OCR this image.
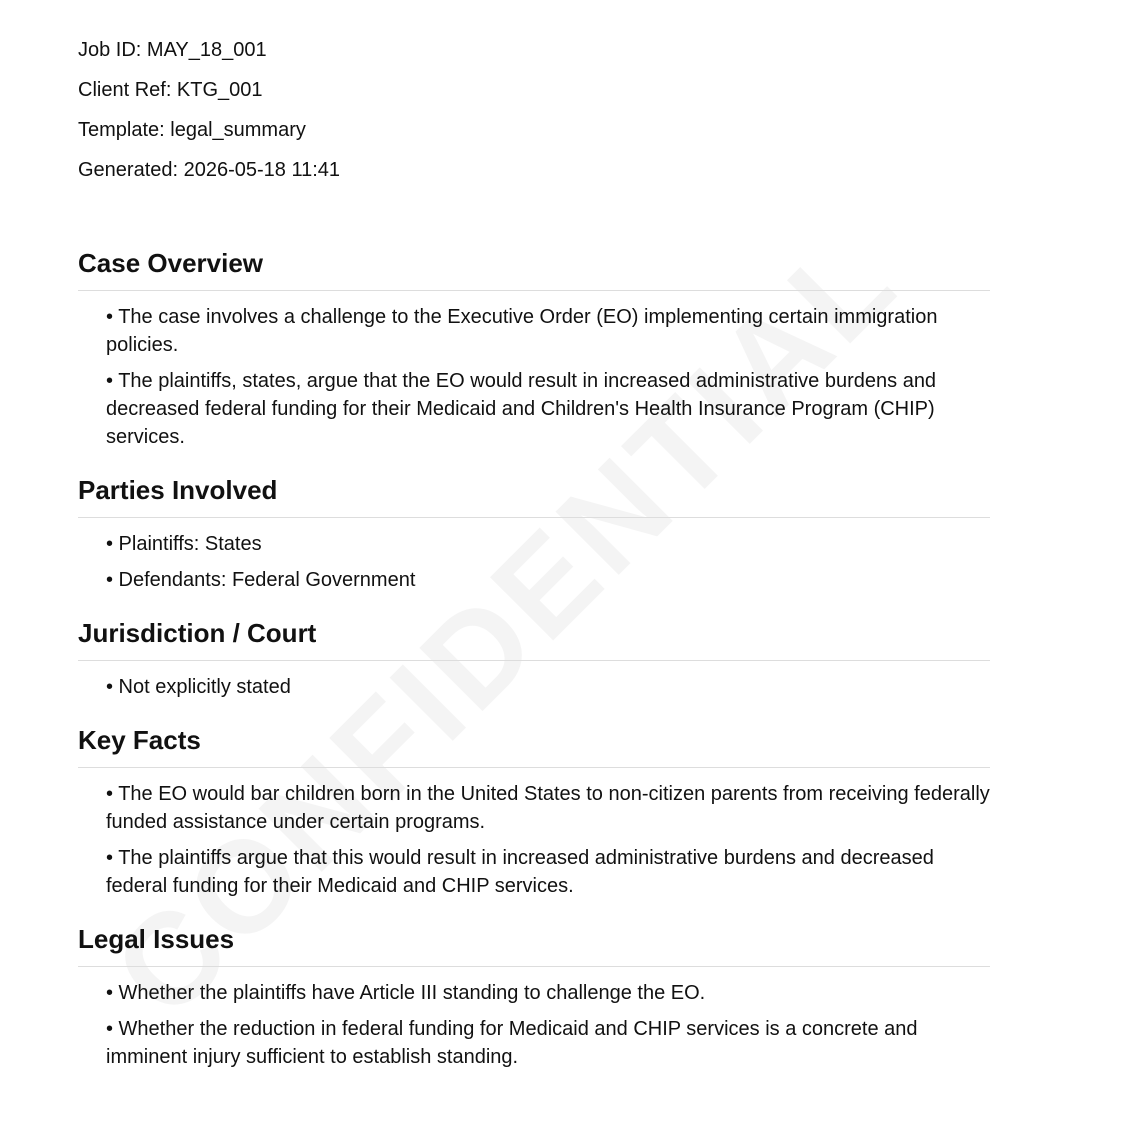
Job ID: MAY_18_001
Client Ref: KTG_001
Template: legal_summary
Generated: 2026-05-18 11:41
Case Overview
• The case involves a challenge to the Executive Order (EO) implementing certain immigration policies.
• The plaintiffs, states, argue that the EO would result in increased administrative burdens and decreased federal funding for their Medicaid and Children's Health Insurance Program (CHIP) services.
Parties Involved
• Plaintiffs: States
• Defendants: Federal Government
Jurisdiction / Court
• Not explicitly stated
Key Facts
• The EO would bar children born in the United States to non-citizen parents from receiving federally funded assistance under certain programs.
• The plaintiffs argue that this would result in increased administrative burdens and decreased federal funding for their Medicaid and CHIP services.
Legal Issues
• Whether the plaintiffs have Article III standing to challenge the EO.
• Whether the reduction in federal funding for Medicaid and CHIP services is a concrete and imminent injury sufficient to establish standing.
